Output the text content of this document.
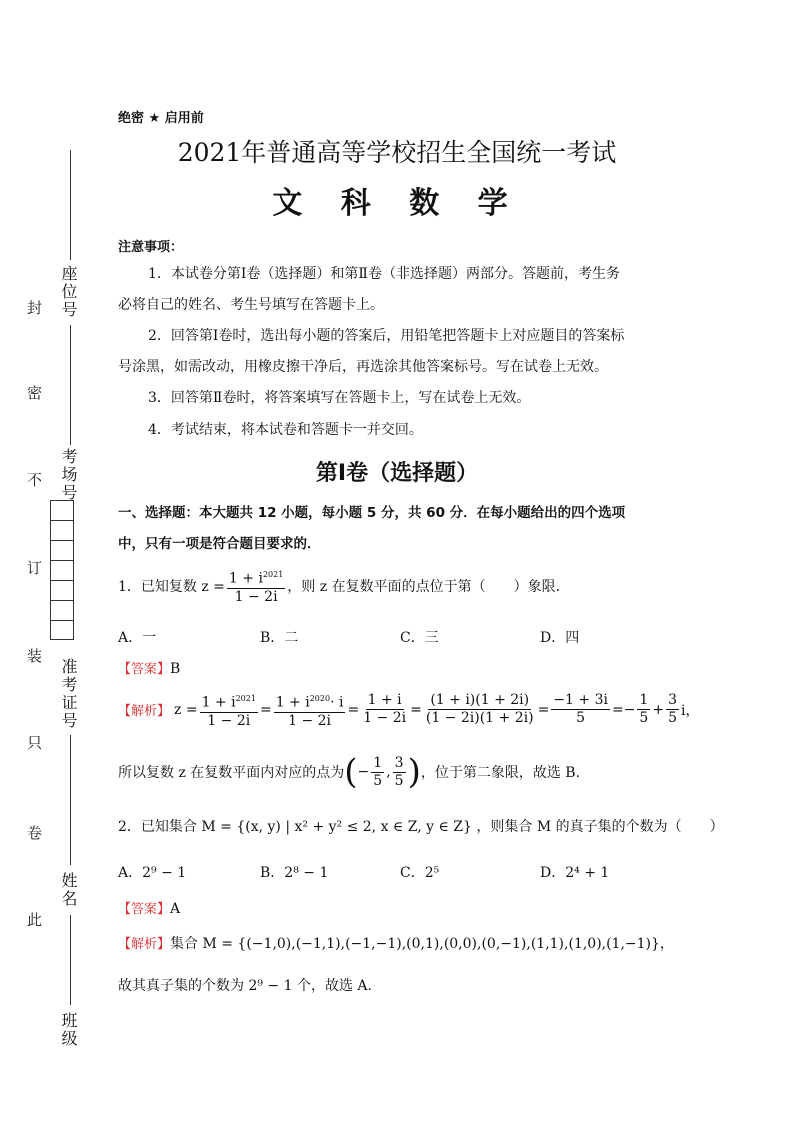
座位号
考场号
准考证号
姓名
班级
封
密
不
订
装
只
卷
此
绝密 ★ 启用前
2021年普通高等学校招生全国统一考试
文 科 数 学
注意事项：
1．本试卷分第Ⅰ卷（选择题）和第Ⅱ卷（非选择题）两部分。答题前，考生务
必将自己的姓名、考生号填写在答题卡上。
2．回答第Ⅰ卷时，选出每小题的答案后，用铅笔把答题卡上对应题目的答案标
号涂黑，如需改动，用橡皮擦干净后，再选涂其他答案标号。写在试卷上无效。
3．回答第Ⅱ卷时，将答案填写在答题卡上，写在试卷上无效。
4．考试结束，将本试卷和答题卡一并交回。
第Ⅰ卷（选择题）
一、选择题：本大题共 12 小题，每小题 5 分，共 60 分．在每小题给出的四个选项
中，只有一项是符合题目要求的．
1．已知复数 $z = \frac{1 + i^{2021}}{1 - 2i}$ ，则 z 在复数平面的点位于第（　　）象限．
A．一	B．二	C．三	D．四
【答案】B
【解析】 $z = \frac{1 + i^{2021}}{1 - 2i} = \frac{1 + i^{2020}\cdot i}{1 - 2i} = \frac{1 + i}{1 - 2i} = \frac{(1 + i)(1 + 2i)}{(1 - 2i)(1 + 2i)} = \frac{-1 + 3i}{5}$ = − $\frac{1}{5} + \frac{3}{5}$ i，
所以复数 z 在复数平面内对应的点为 ( − $\frac{1}{5}$ , $\frac{3}{5}$ ) ，位于第二象限，故选 B.
2．已知集合 M = {(x, y) | x² + y² ≤ 2, x ∈ Z, y ∈ Z} ，则集合 M 的真子集的个数为（　　）
A．2⁹ − 1	B．2⁸ − 1	C．2⁵	D．2⁴ + 1
【答案】A
【解析】集合 M = {(−1,0),(−1,1),(−1,−1),(0,1),(0,0),(0,−1),(1,1),(1,0),(1,−1)}，
故其真子集的个数为 2⁹ − 1 个，故选 A.
